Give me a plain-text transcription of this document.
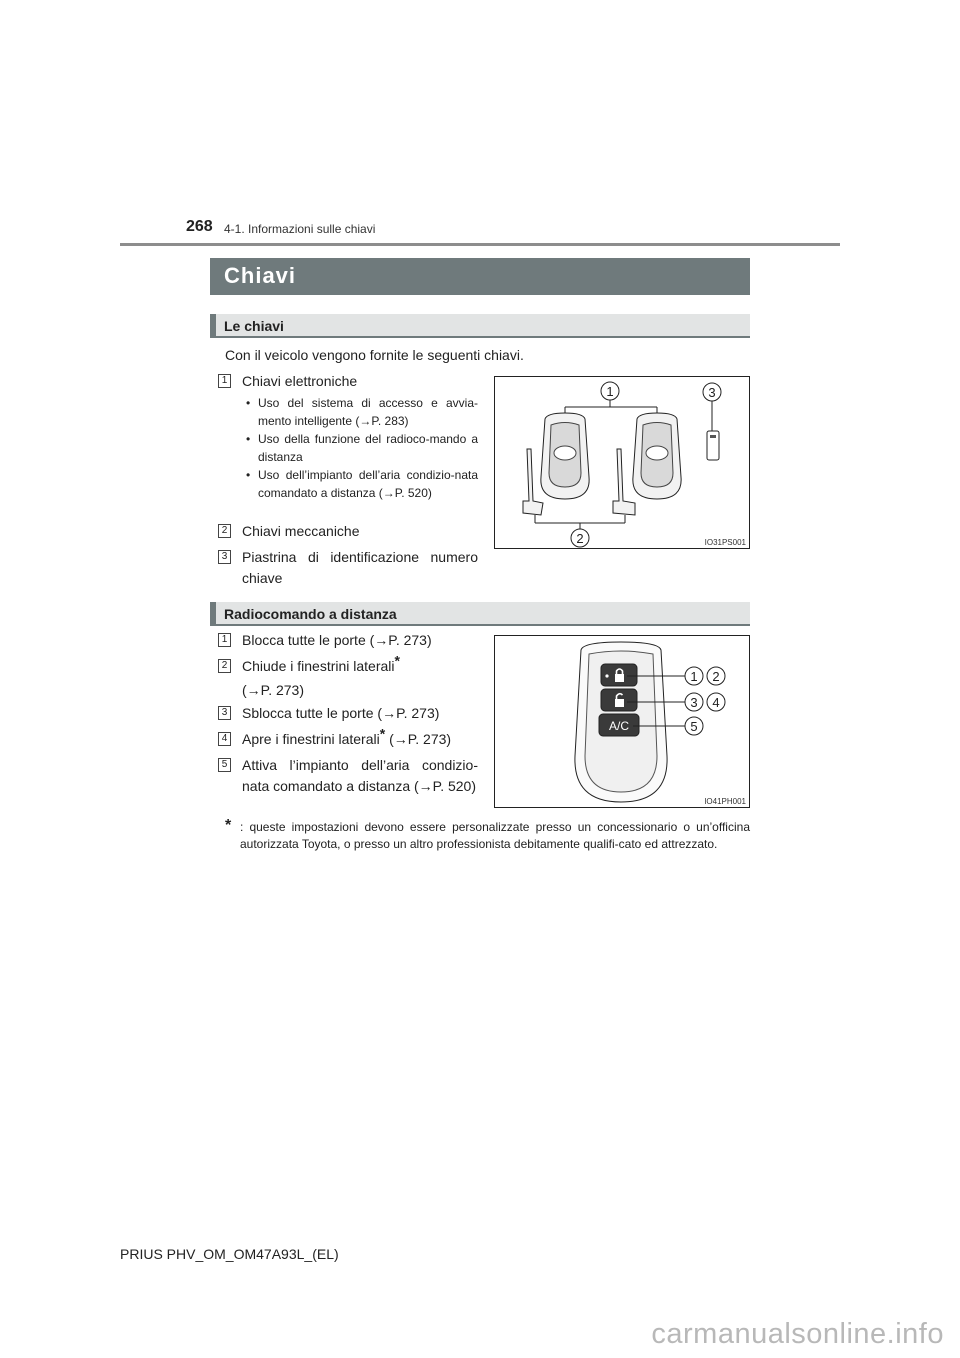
268 4-1. Informazioni sulle chiavi
Chiavi
Le chiavi
Con il veicolo vengono fornite le seguenti chiavi.
1 Chiavi elettroniche
• Uso del sistema di accesso e avvia-mento intelligente (→P. 283)
• Uso della funzione del radioco-mando a distanza
• Uso dell’impianto dell’aria condizio-nata comandato a distanza (→P. 520)
2 Chiavi meccaniche
3 Piastrina di identificazione numero chiave
1	3
2	IO31PS001
Radiocomando a distanza
1 Blocca tutte le porte (→P. 273)
2 Chiude i finestrini laterali*
(→P. 273)
3 Sblocca tutte le porte (→P. 273)
4 Apre i finestrini laterali* (→P. 273)
5 Attiva l’impianto dell’aria condizio-nata comandato a distanza (→P. 520)
A/C
1 2
3 4
5
IO41PH001
* : queste impostazioni devono essere personalizzate presso un concessionario o un’officina autorizzata Toyota, o presso un altro professionista debitamente qualifi-cato ed attrezzato.
PRIUS PHV_OM_OM47A93L_(EL)
carmanualsonline.info
